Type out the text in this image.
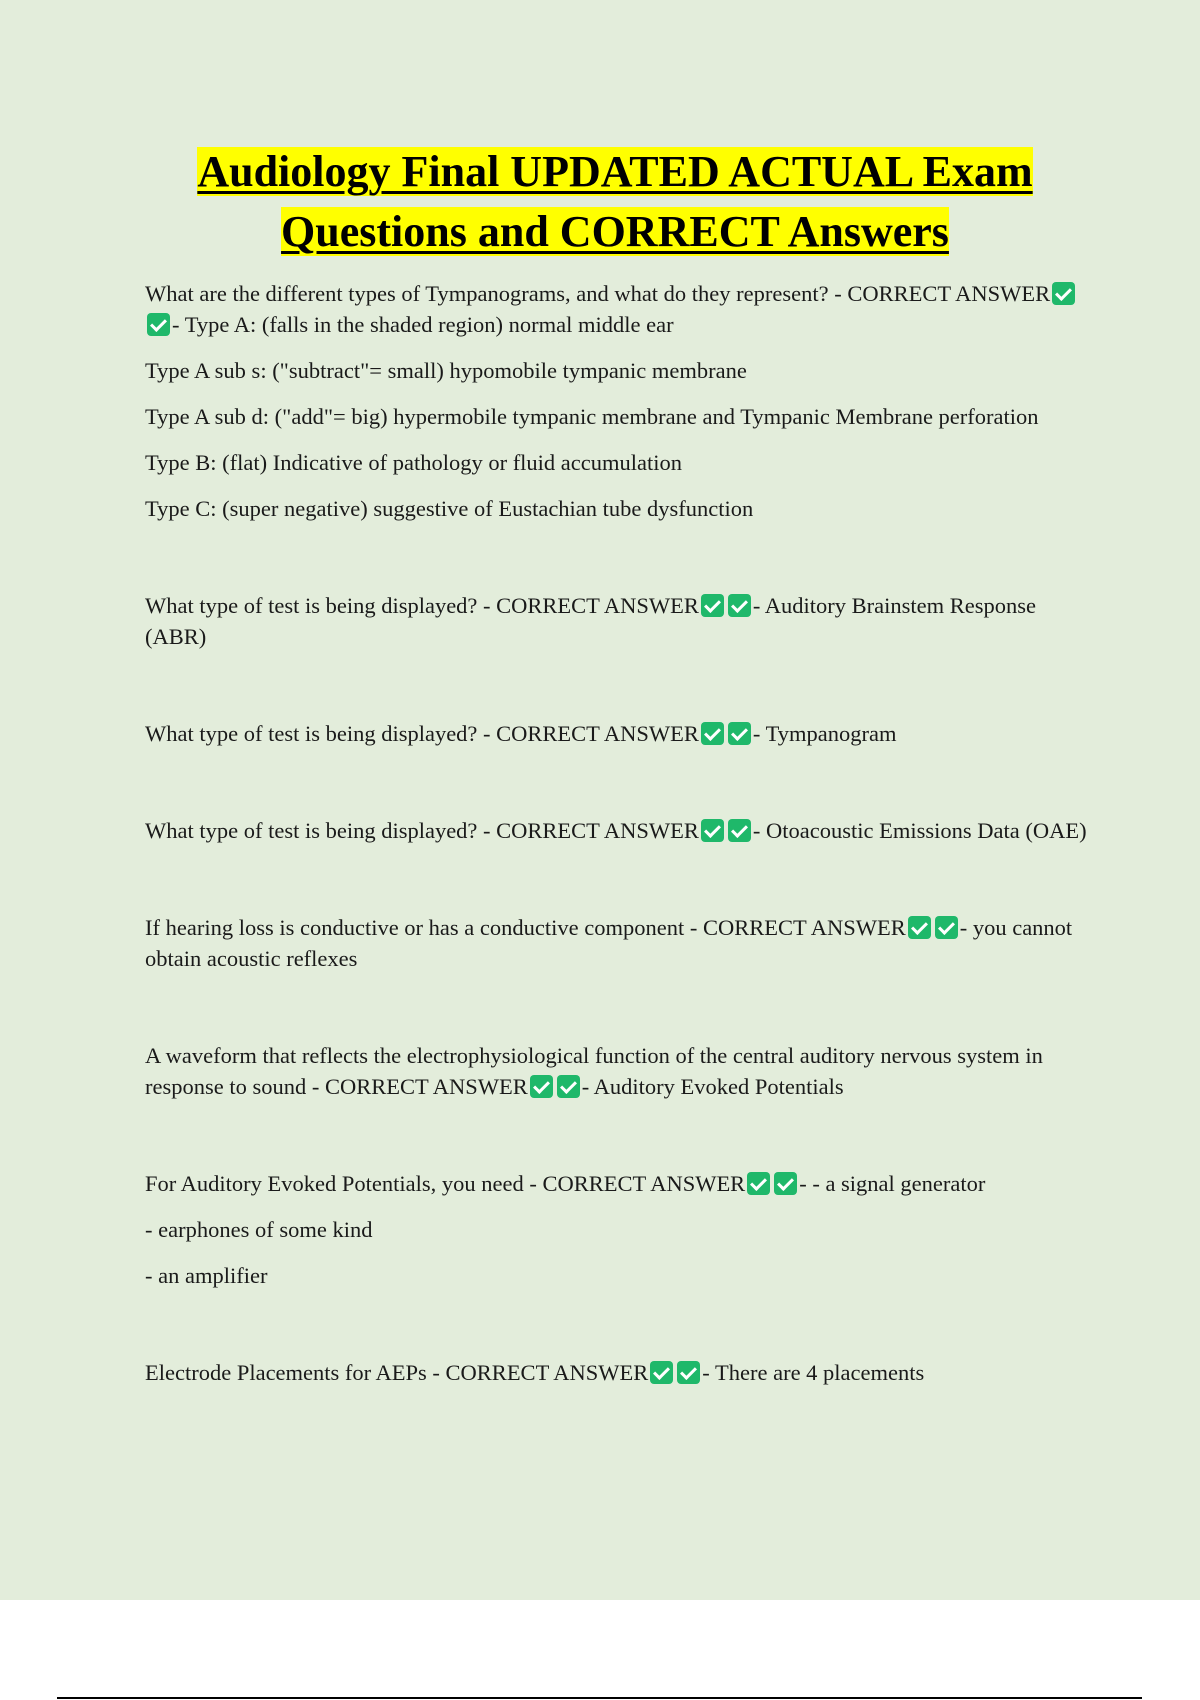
Audiology Final UPDATED ACTUAL Exam Questions and CORRECT Answers

What are the different types of Tympanograms, and what do they represent? - CORRECT ANSWER- Type A: (falls in the shaded region) normal middle ear

Type A sub s: ("subtract"= small) hypomobile tympanic membrane

Type A sub d: ("add"= big) hypermobile tympanic membrane and Tympanic Membrane perforation

Type B: (flat) Indicative of pathology or fluid accumulation

Type C: (super negative) suggestive of Eustachian tube dysfunction

What type of test is being displayed? - CORRECT ANSWER - Auditory Brainstem Response (ABR)

What type of test is being displayed? - CORRECT ANSWER - Tympanogram

What type of test is being displayed? - CORRECT ANSWER - Otoacoustic Emissions Data (OAE)

If hearing loss is conductive or has a conductive component - CORRECT ANSWER - you cannot obtain acoustic reflexes

A waveform that reflects the electrophysiological function of the central auditory nervous system in response to sound - CORRECT ANSWER - Auditory Evoked Potentials

For Auditory Evoked Potentials, you need - CORRECT ANSWER - - a signal generator

- earphones of some kind

- an amplifier

Electrode Placements for AEPs - CORRECT ANSWER - There are 4 placements
